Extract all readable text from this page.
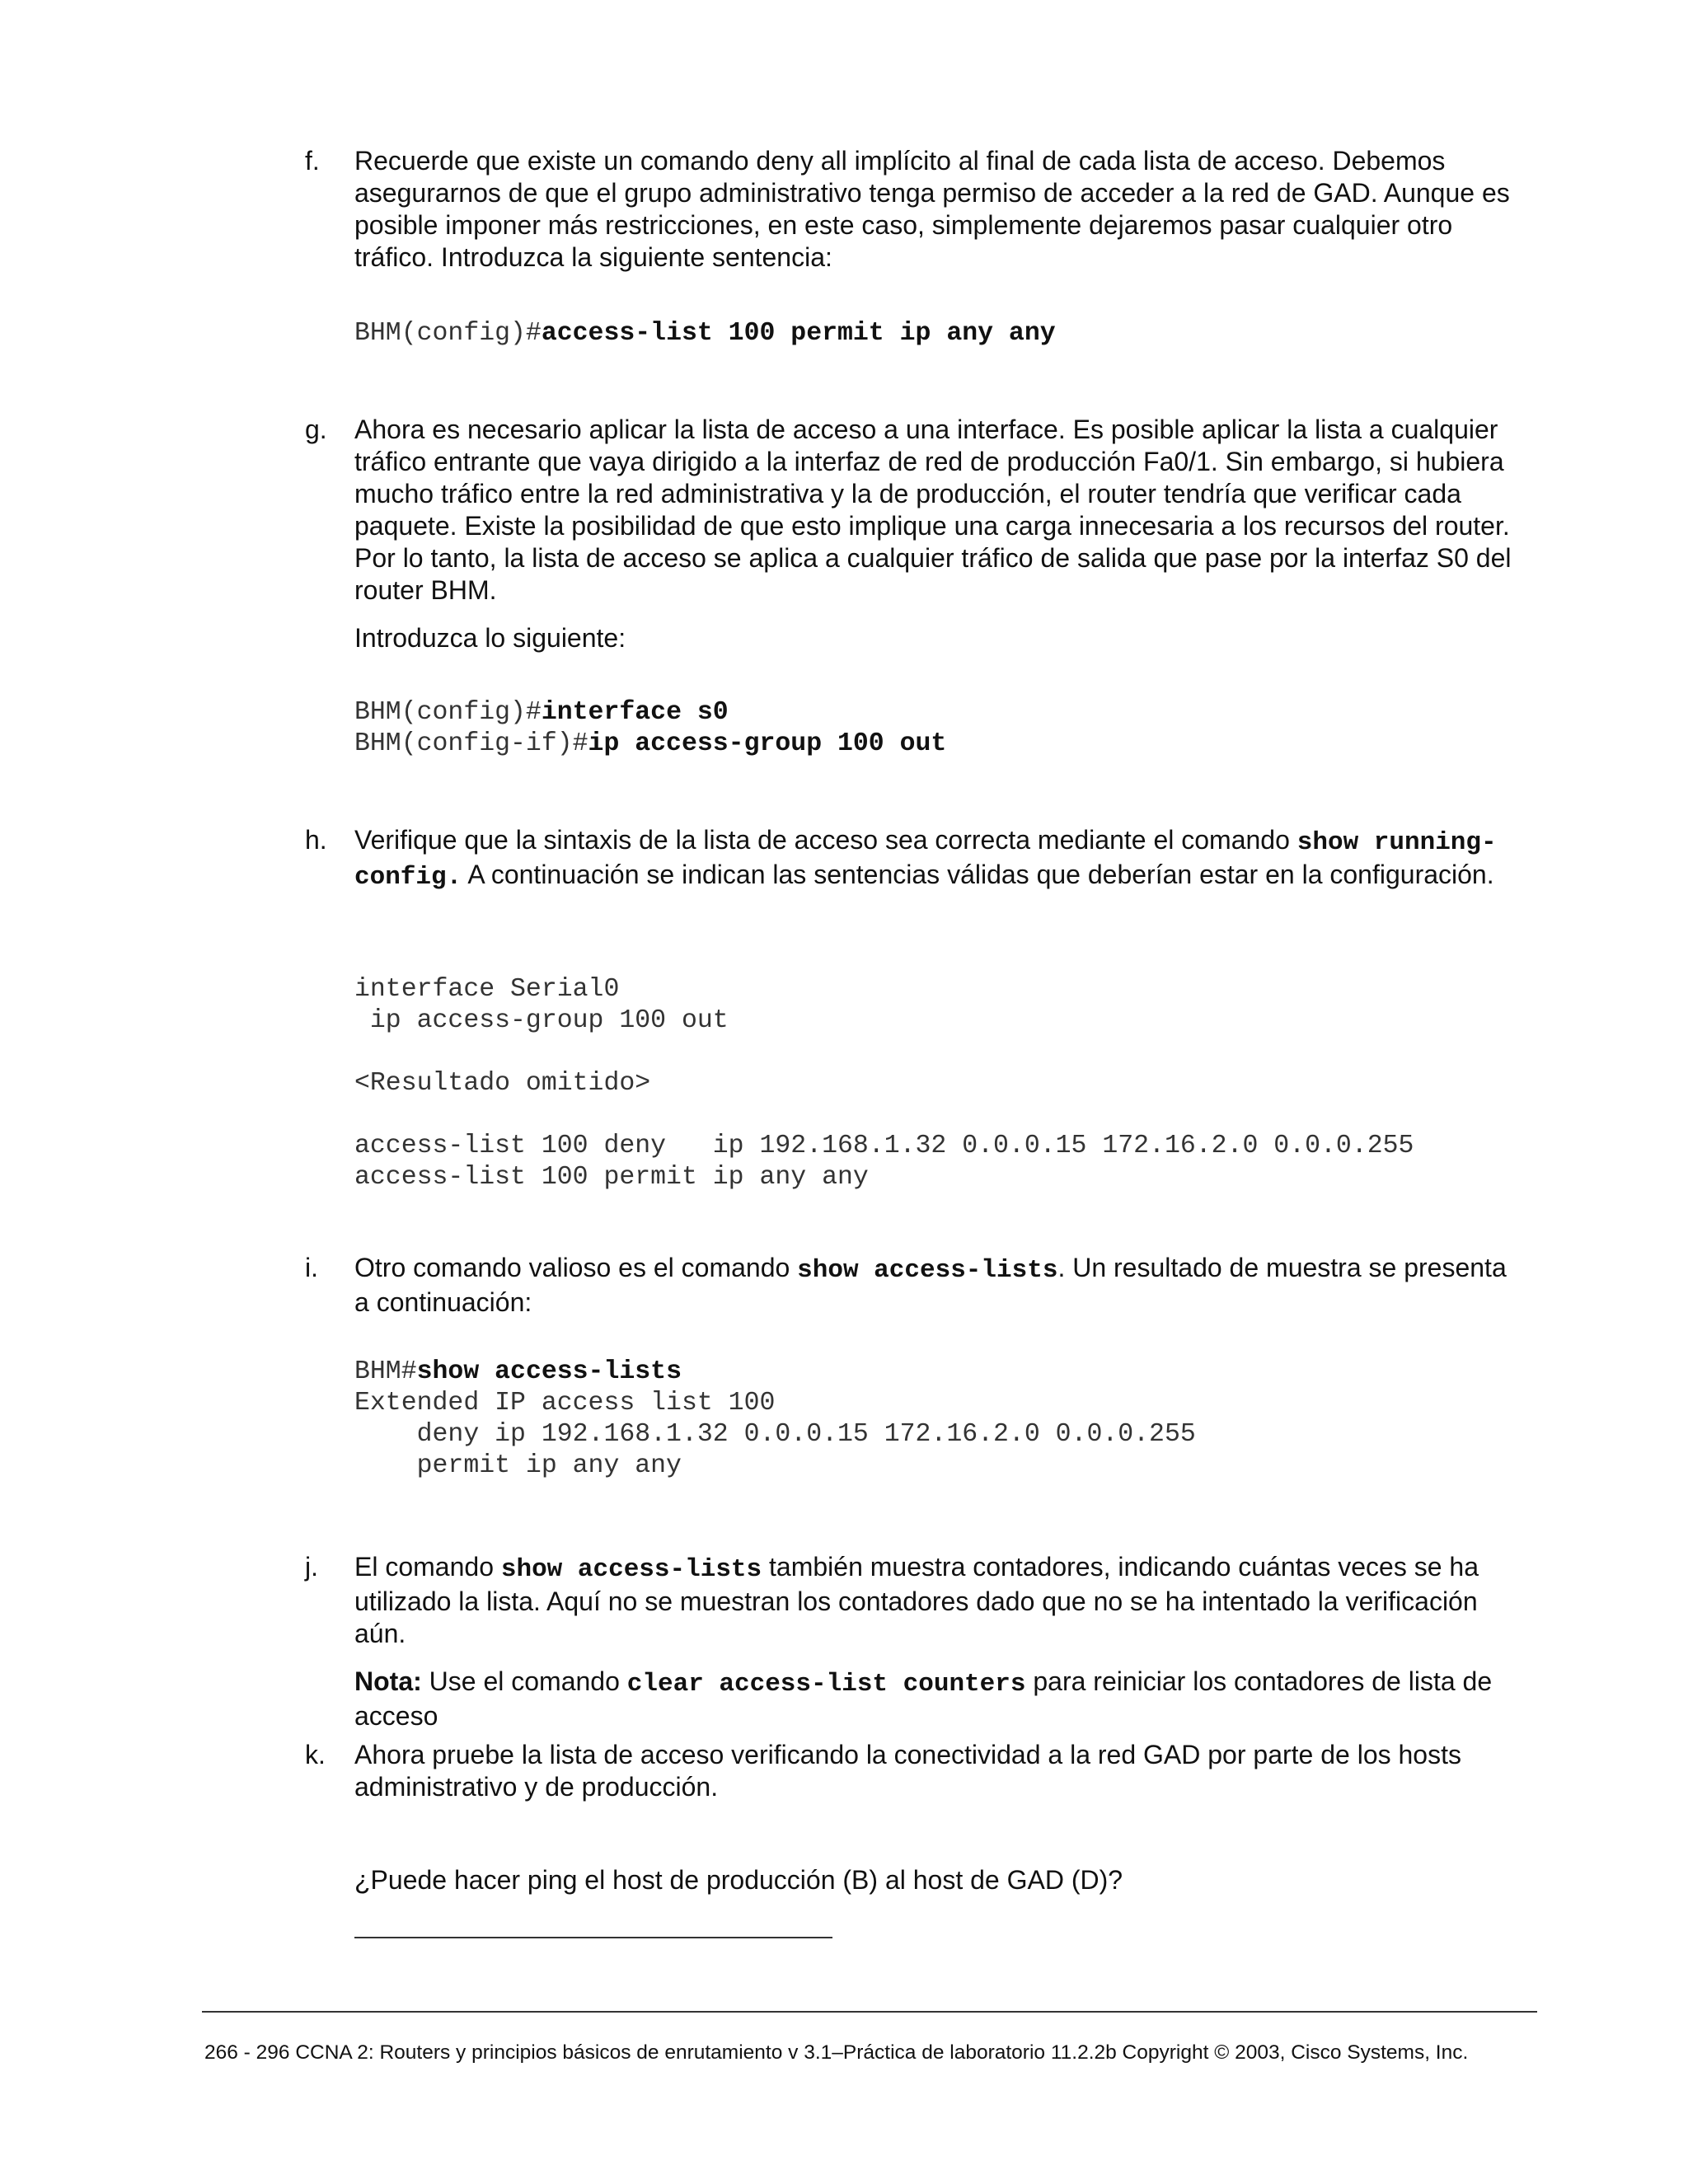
f. Recuerde que existe un comando deny all implícito al final de cada lista de acceso. Debemos asegurarnos de que el grupo administrativo tenga permiso de acceder a la red de GAD. Aunque es posible imponer más restricciones, en este caso, simplemente dejaremos pasar cualquier otro tráfico. Introduzca la siguiente sentencia:

BHM(config)#access-list 100 permit ip any any
g. Ahora es necesario aplicar la lista de acceso a una interface. Es posible aplicar la lista a cualquier tráfico entrante que vaya dirigido a la interfaz de red de producción Fa0/1. Sin embargo, si hubiera mucho tráfico entre la red administrativa y la de producción, el router tendría que verificar cada paquete. Existe la posibilidad de que esto implique una carga innecesaria a los recursos del router. Por lo tanto, la lista de acceso se aplica a cualquier tráfico de salida que pase por la interfaz S0 del router BHM.

Introduzca lo siguiente:

BHM(config)#interface s0
BHM(config-if)#ip access-group 100 out
h. Verifique que la sintaxis de la lista de acceso sea correcta mediante el comando show running-config. A continuación se indican las sentencias válidas que deberían estar en la configuración.

interface Serial0
ip access-group 100 out

<Resultado omitido>

access-list 100 deny   ip 192.168.1.32 0.0.0.15 172.16.2.0 0.0.0.255
access-list 100 permit ip any any
i. Otro comando valioso es el comando show access-lists. Un resultado de muestra se presenta a continuación:

BHM#show access-lists
Extended IP access list 100
deny ip 192.168.1.32 0.0.0.15 172.16.2.0 0.0.0.255
permit ip any any
j. El comando show access-lists también muestra contadores, indicando cuántas veces se ha utilizado la lista. Aquí no se muestran los contadores dado que no se ha intentado la verificación aún.

Nota: Use el comando clear access-list counters para reiniciar los contadores de lista de acceso

k. Ahora pruebe la lista de acceso verificando la conectividad a la red GAD por parte de los hosts administrativo y de producción.

¿Puede hacer ping el host de producción (B) al host de GAD (D)?
266 - 296 CCNA 2: Routers y principios básicos de enrutamiento v 3.1–Práctica de laboratorio 11.2.2b Copyright © 2003, Cisco Systems, Inc.
